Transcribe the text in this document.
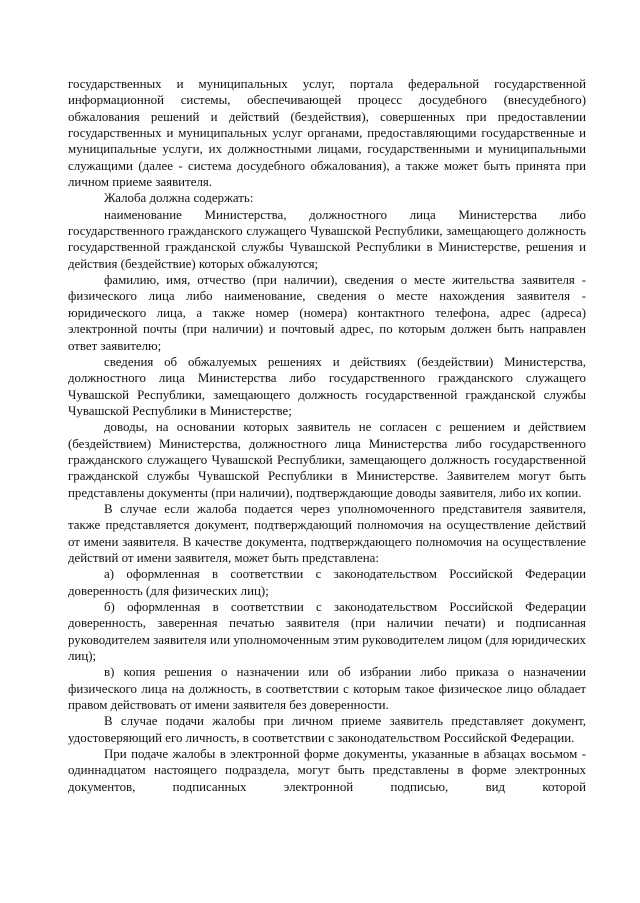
государственных и муниципальных услуг, портала федеральной государственной информационной системы, обеспечивающей процесс досудебного (внесудебного) обжалования решений и действий (бездействия), совершенных при предоставлении государственных и муниципальных услуг органами, предоставляющими государственные и муниципальные услуги, их должностными лицами, государственными и муниципальными служащими (далее - система досудебного обжалования), а также может быть принята при личном приеме заявителя.

Жалоба должна содержать:

наименование Министерства, должностного лица Министерства либо государственного гражданского служащего Чувашской Республики, замещающего должность государственной гражданской службы Чувашской Республики в Министерстве, решения и действия (бездействие) которых обжалуются;

фамилию, имя, отчество (при наличии), сведения о месте жительства заявителя - физического лица либо наименование, сведения о месте нахождения заявителя - юридического лица, а также номер (номера) контактного телефона, адрес (адреса) электронной почты (при наличии) и почтовый адрес, по которым должен быть направлен ответ заявителю;

сведения об обжалуемых решениях и действиях (бездействии) Министерства, должностного лица Министерства либо государственного гражданского служащего Чувашской Республики, замещающего должность государственной гражданской службы Чувашской Республики в Министерстве;

доводы, на основании которых заявитель не согласен с решением и действием (бездействием) Министерства, должностного лица Министерства либо государственного гражданского служащего Чувашской Республики, замещающего должность государственной гражданской службы Чувашской Республики в Министерстве. Заявителем могут быть представлены документы (при наличии), подтверждающие доводы заявителя, либо их копии.

В случае если жалоба подается через уполномоченного представителя заявителя, также представляется документ, подтверждающий полномочия на осуществление действий от имени заявителя. В качестве документа, подтверждающего полномочия на осуществление действий от имени заявителя, может быть представлена:

а) оформленная в соответствии с законодательством Российской Федерации доверенность (для физических лиц);

б) оформленная в соответствии с законодательством Российской Федерации доверенность, заверенная печатью заявителя (при наличии печати) и подписанная руководителем заявителя или уполномоченным этим руководителем лицом (для юридических лиц);

в) копия решения о назначении или об избрании либо приказа о назначении физического лица на должность, в соответствии с которым такое физическое лицо обладает правом действовать от имени заявителя без доверенности.

В случае подачи жалобы при личном приеме заявитель представляет документ, удостоверяющий его личность, в соответствии с законодательством Российской Федерации.

При подаче жалобы в электронной форме документы, указанные в абзацах восьмом - одиннадцатом настоящего подраздела, могут быть представлены в форме электронных документов, подписанных электронной подписью, вид которой
